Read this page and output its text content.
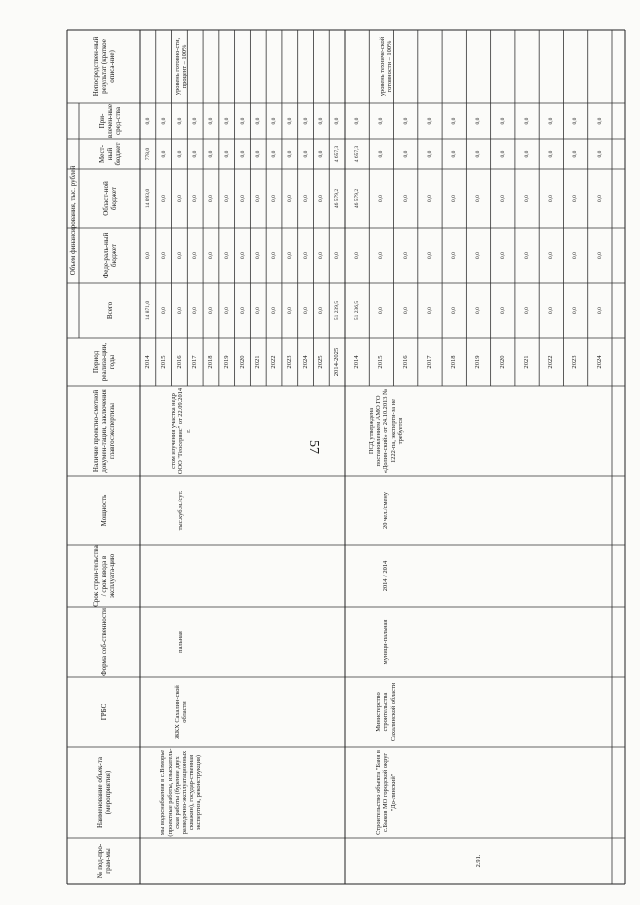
57
№ под-про-грам-мы
Наименование объек-та (мероприятия)
ГРБС
Форма соб-ственности
Срок строи-тельства / срок ввода в эксплуата-цию
Мощность
Наличие проектно-сметной докумен-тации, заключения главгосэкспертизы
Период реализа-ции, годы
Всего
Феде-раль-ный бюджет
Област-ной бюджет
Мест-ный бюджет
При-влечен-ные сред-ства
Непосредствен-ный результат (краткое описа-ние)
Объем финансирования, тыс. рублей
мы водоснабжения в с.Взморье (проектные работы, изыскатель-ская работы (бурение двух разведочно-эксплуатационных скважин), государ-ственная экспертиза, реконструкция)
ЖКХ Сахалин-ской области
пальная
тыс.куб.м./сут.
стом изучения участка недр ООО "Геосервис" от 22.09.2014 г.
уровень готовно-сти, процент – 100%
2014
14 871,0
0,0
14 093,0
778,0
0,0
2015
0,0
0,0
0,0
0,0
0,0
2016
0,0
0,0
0,0
0,0
0,0
2017
0,0
0,0
0,0
0,0
0,0
2018
0,0
0,0
0,0
0,0
0,0
2019
0,0
0,0
0,0
0,0
0,0
2020
0,0
0,0
0,0
0,0
0,0
2021
0,0
0,0
0,0
0,0
0,0
2022
0,0
0,0
0,0
0,0
0,0
2023
0,0
0,0
0,0
0,0
0,0
2024
0,0
0,0
0,0
0,0
0,0
2025
0,0
0,0
0,0
0,0
0,0
2014-2025
51 239,5
0,0
46 579,2
4 657,3
0,0
Строительство объекта "Баня в с.Быков МО городской округ "До-линский"
Министерство строительства Сахалинской области
муници-пальная
2014 / 2014
20 чел./смену
ПСД утверждена постановлением АМО ГО «Долин-ский» от 24.10.2013 № 1222-па, эксперти-за не требуется
уровень техниче-ской готовности – 100%
2.91.
2014
51 236,5
0,0
46 579,2
4 657,3
0,0
2015
0,0
0,0
0,0
0,0
0,0
2016
0,0
0,0
0,0
0,0
0,0
2017
0,0
0,0
0,0
0,0
0,0
2018
0,0
0,0
0,0
0,0
0,0
2019
0,0
0,0
0,0
0,0
0,0
2020
0,0
0,0
0,0
0,0
0,0
2021
0,0
0,0
0,0
0,0
0,0
2022
0,0
0,0
0,0
0,0
0,0
2023
0,0
0,0
0,0
0,0
0,0
2024
0,0
0,0
0,0
0,0
0,0
